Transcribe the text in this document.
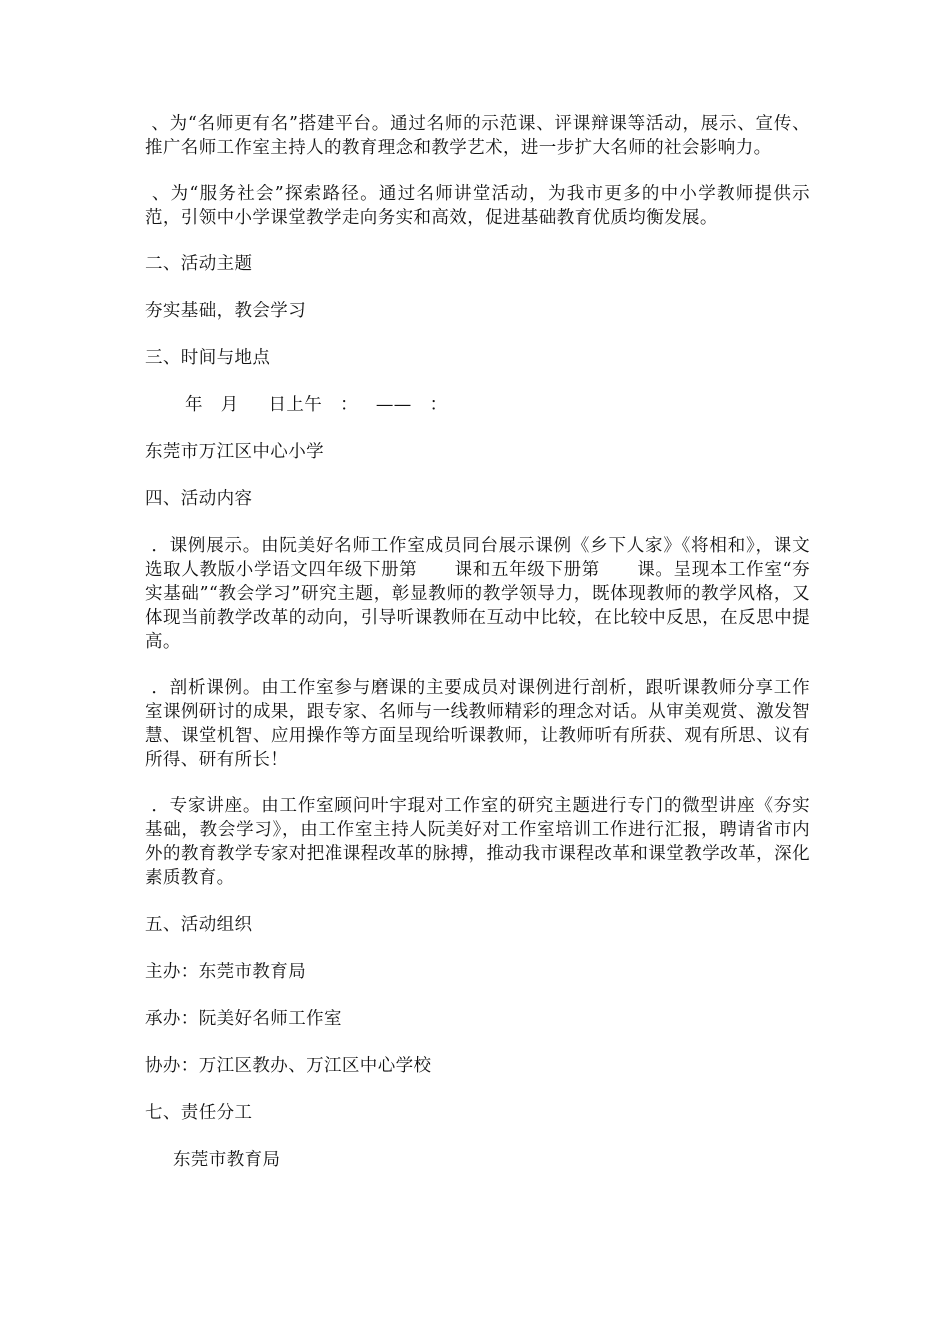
、为“名师更有名”搭建平台。通过名师的示范课、评课辩课等活动，展示、宣传、推广名师工作室主持人的教育理念和教学艺术，进一步扩大名师的社会影响力。

、为“服务社会”探索路径。通过名师讲堂活动，为我市更多的中小学教师提供示范，引领中小学课堂教学走向务实和高效，促进基础教育优质均衡发展。

二、活动主题

夯实基础，教会学习

三、时间与地点

年   月     日上午   ：   ——   ：

东莞市万江区中心小学

四、活动内容

．课例展示。由阮美好名师工作室成员同台展示课例《乡下人家》《将相和》，课文选取人教版小学语文四年级下册第      课和五年级下册第      课。呈现本工作室“夯实基础”“教会学习”研究主题，彰显教师的教学领导力，既体现教师的教学风格，又体现当前教学改革的动向，引导听课教师在互动中比较，在比较中反思，在反思中提高。

．剖析课例。由工作室参与磨课的主要成员对课例进行剖析，跟听课教师分享工作室课例研讨的成果，跟专家、名师与一线教师精彩的理念对话。从审美观赏、激发智慧、课堂机智、应用操作等方面呈现给听课教师，让教师听有所获、观有所思、议有所得、研有所长！

．专家讲座。由工作室顾问叶宇琨对工作室的研究主题进行专门的微型讲座《夯实基础，教会学习》，由工作室主持人阮美好对工作室培训工作进行汇报，聘请省市内外的教育教学专家对把准课程改革的脉搏，推动我市课程改革和课堂教学改革，深化素质教育。

五、活动组织

主办：东莞市教育局

承办：阮美好名师工作室

协办：万江区教办、万江区中心学校

七、责任分工

东莞市教育局
